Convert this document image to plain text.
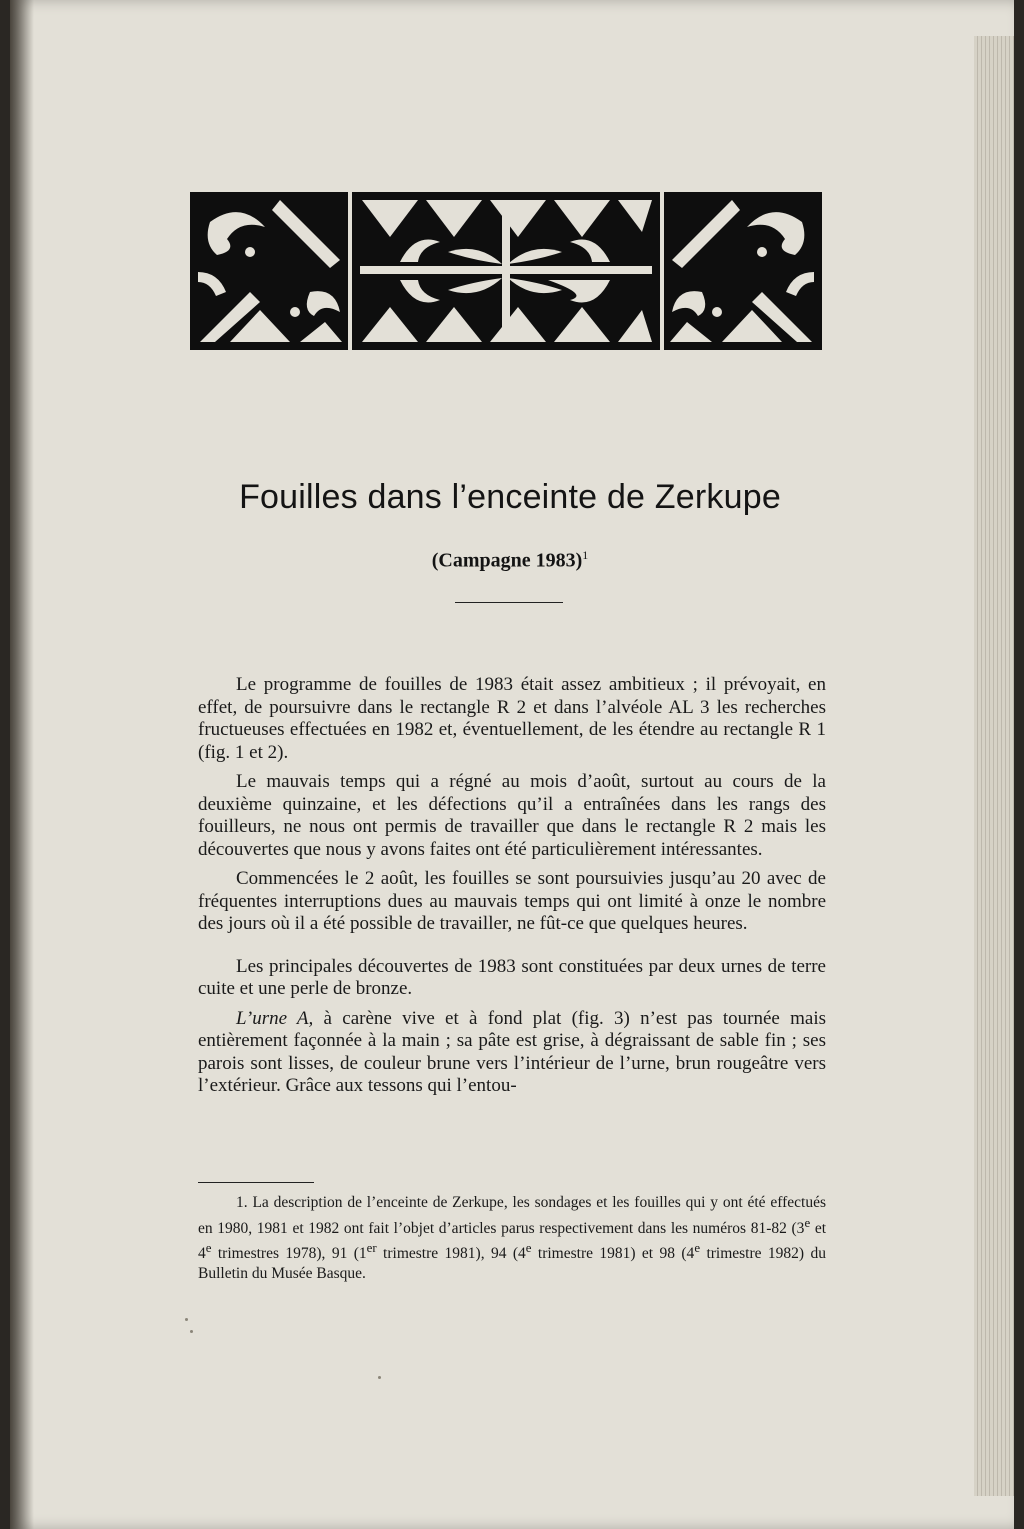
Fouilles dans l’enceinte de Zerkupe
(Campagne 1983)$^1$

Le programme de fouilles de 1983 était assez ambitieux ; il prévoyait, en effet, de poursuivre dans le rectangle R 2 et dans l’alvéole AL 3 les recherches fructueuses effectuées en 1982 et, éventuellement, de les étendre au rectangle R 1 (fig. 1 et 2).

Le mauvais temps qui a régné au mois d’août, surtout au cours de la deuxième quinzaine, et les défections qu’il a entraînées dans les rangs des fouilleurs, ne nous ont permis de travailler que dans le rectangle R 2 mais les découvertes que nous y avons faites ont été particulièrement intéressantes.

Commencées le 2 août, les fouilles se sont poursuivies jusqu’au 20 avec de fréquentes interruptions dues au mauvais temps qui ont limité à onze le nombre des jours où il a été possible de travailler, ne fût-ce que quelques heures.

Les principales découvertes de 1983 sont constituées par deux urnes de terre cuite et une perle de bronze.

L’urne A, à carène vive et à fond plat (fig. 3) n’est pas tournée mais entièrement façonnée à la main ; sa pâte est grise, à dégraissant de sable fin ; ses parois sont lisses, de couleur brune vers l’intérieur de l’urne, brun rougeâtre vers l’extérieur. Grâce aux tessons qui l’entou-

1. La description de l’enceinte de Zerkupe, les sondages et les fouilles qui y ont été effectués en 1980, 1981 et 1982 ont fait l’objet d’articles parus respectivement dans les numéros 81-82 (3e et 4e trimestres 1978), 91 (1er trimestre 1981), 94 (4e trimestre 1981) et 98 (4e trimestre 1982) du Bulletin du Musée Basque.
